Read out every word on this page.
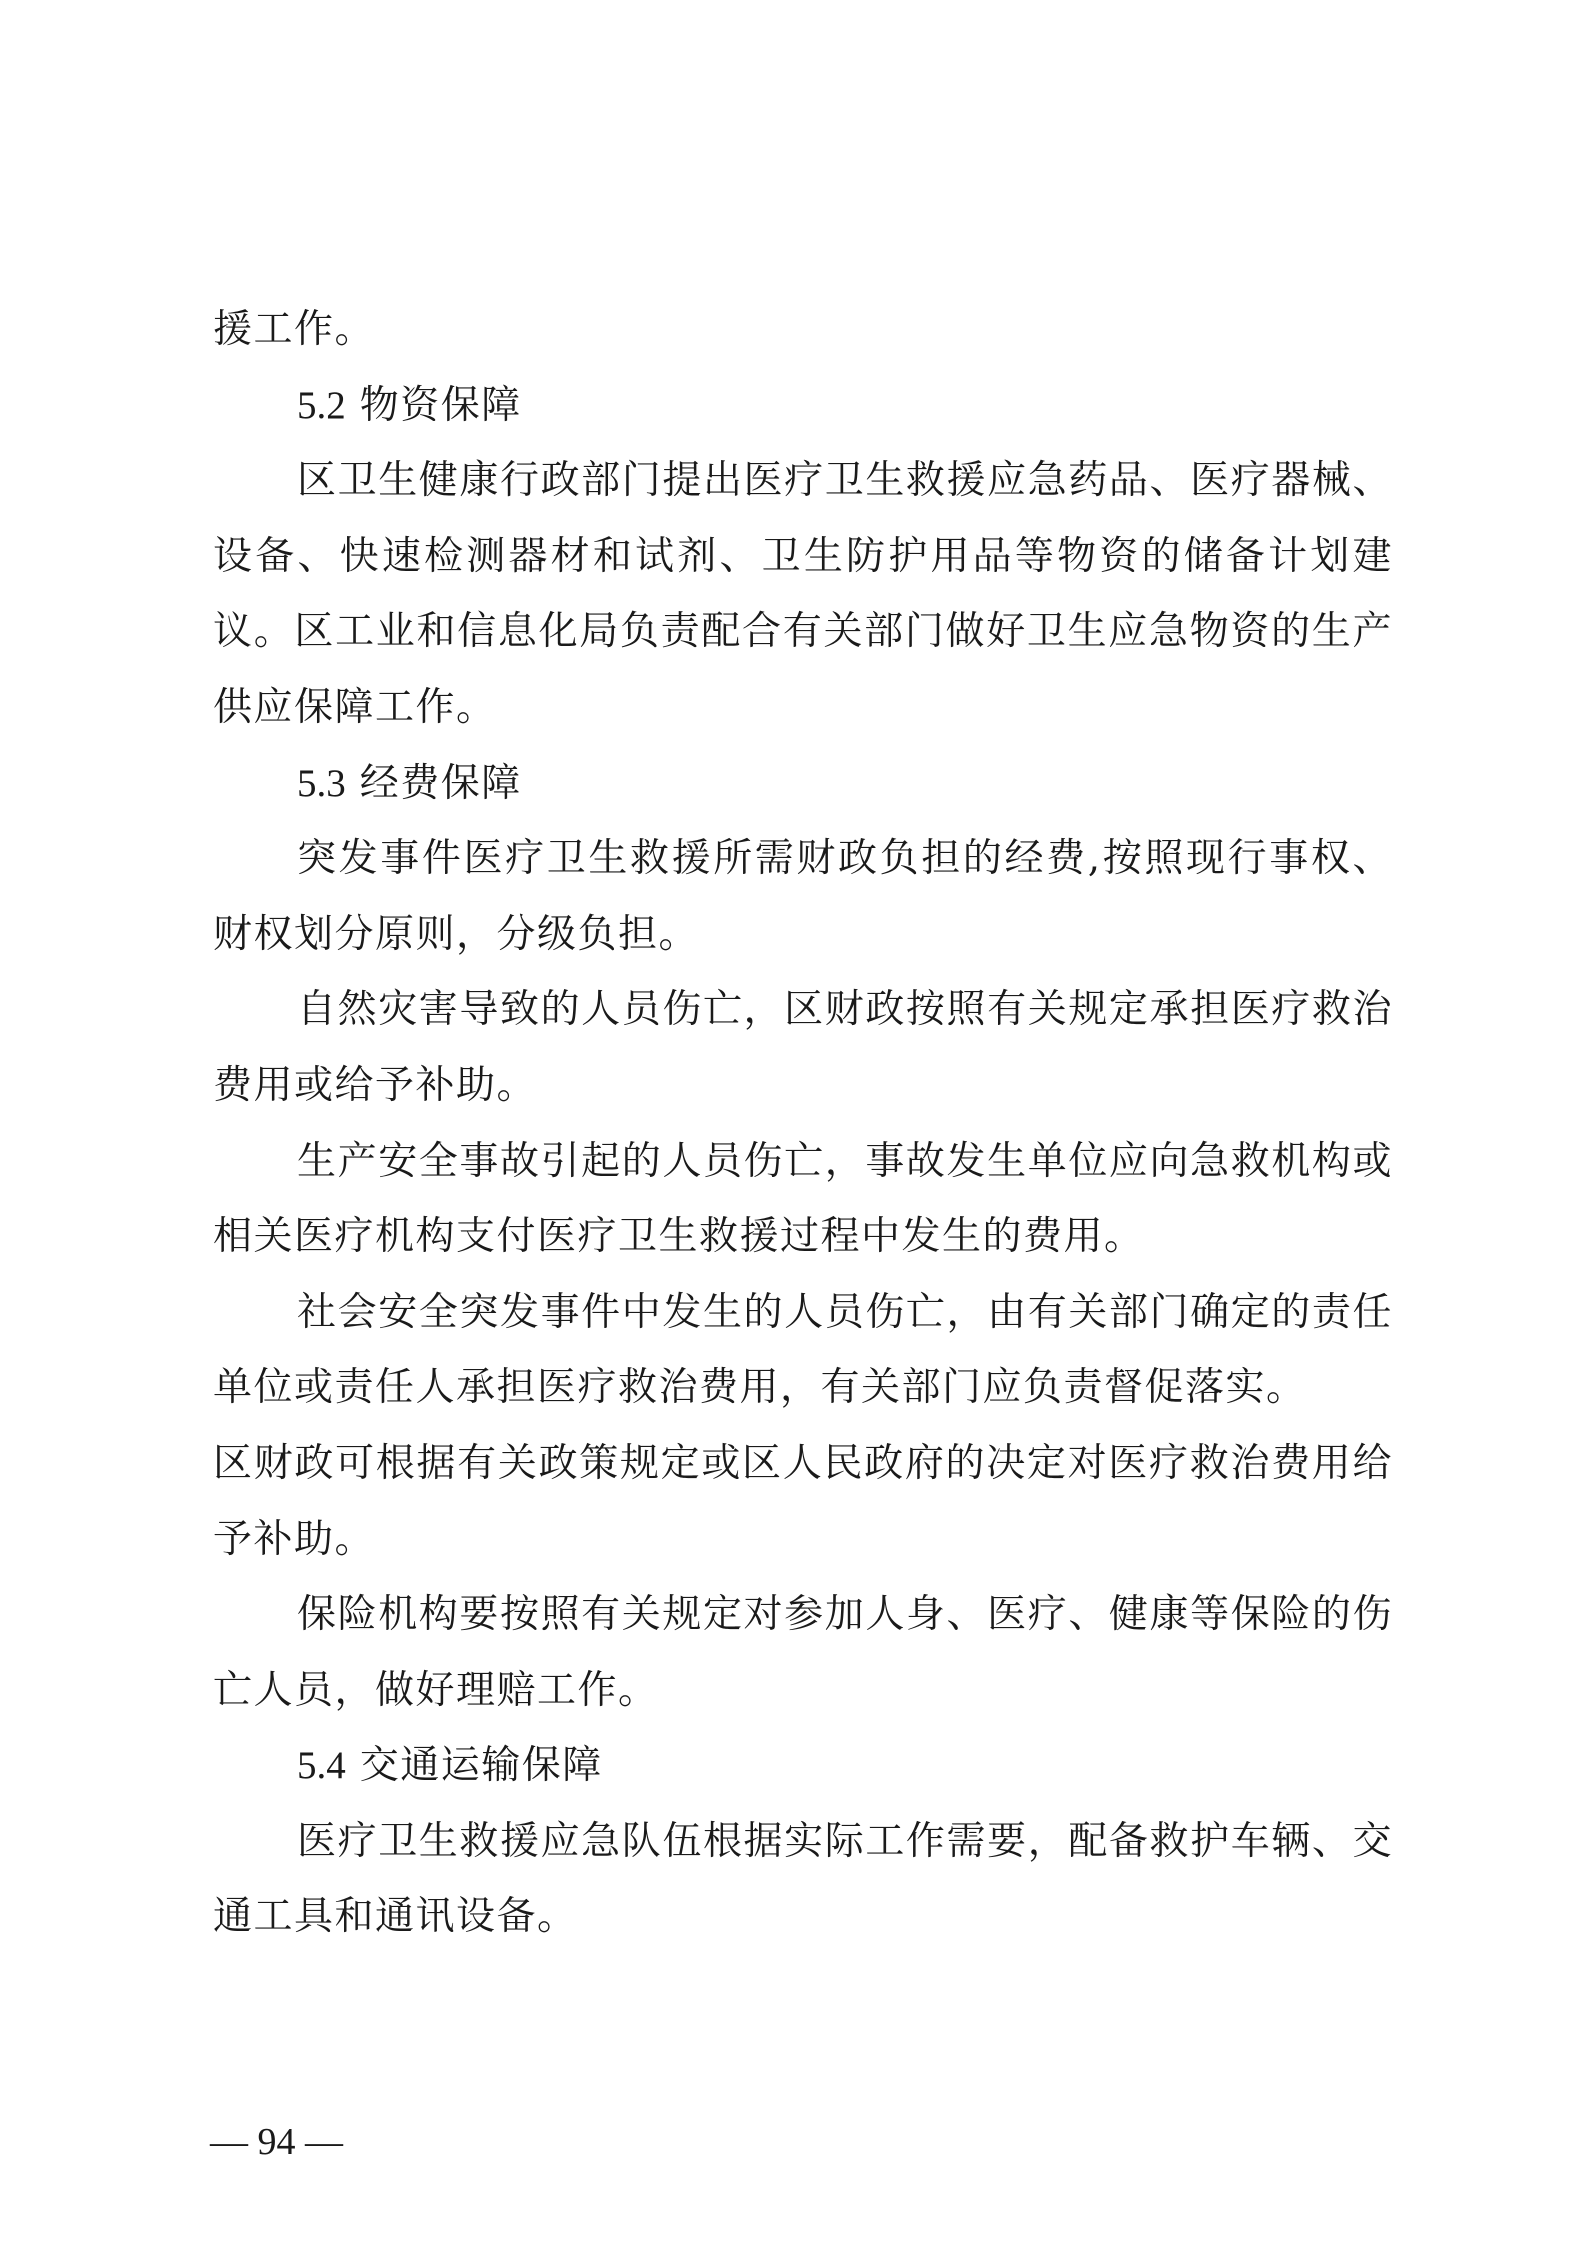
援工作。

5.2 物资保障

区卫生健康行政部门提出医疗卫生救援应急药品、医疗器械、设备、快速检测器材和试剂、卫生防护用品等物资的储备计划建议。区工业和信息化局负责配合有关部门做好卫生应急物资的生产供应保障工作。

5.3 经费保障

突发事件医疗卫生救援所需财政负担的经费,按照现行事权、财权划分原则，分级负担。

自然灾害导致的人员伤亡，区财政按照有关规定承担医疗救治费用或给予补助。

生产安全事故引起的人员伤亡，事故发生单位应向急救机构或相关医疗机构支付医疗卫生救援过程中发生的费用。

社会安全突发事件中发生的人员伤亡，由有关部门确定的责任单位或责任人承担医疗救治费用，有关部门应负责督促落实。

区财政可根据有关政策规定或区人民政府的决定对医疗救治费用给予补助。

保险机构要按照有关规定对参加人身、医疗、健康等保险的伤亡人员，做好理赔工作。

5.4 交通运输保障

医疗卫生救援应急队伍根据实际工作需要，配备救护车辆、交通工具和通讯设备。

— 94 —
